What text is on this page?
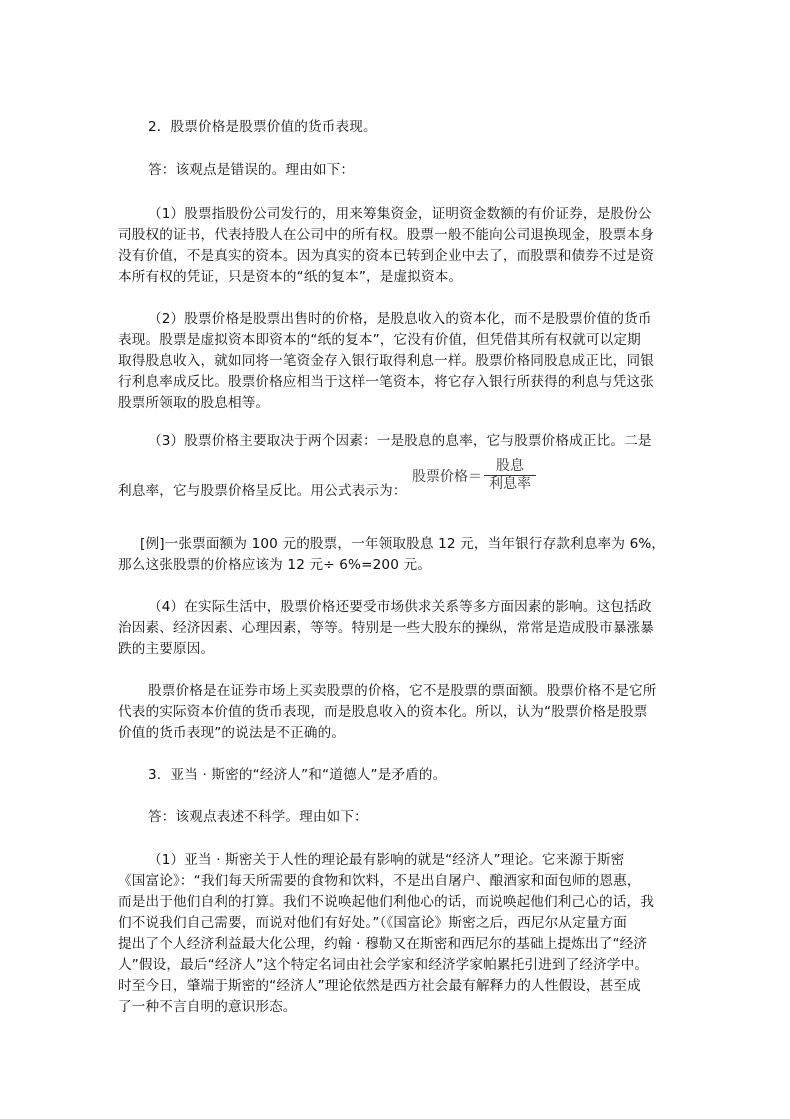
股票价格 ＝ $\frac{\text{股息}}{\text{利息率}}$
2．股票价格是股票价值的货币表现。
答：该观点是错误的。理由如下：
（1）股票指股份公司发行的，用来筹集资金，证明资金数额的有价证券，是股份公
司股权的证书，代表持股人在公司中的所有权。股票一般不能向公司退换现金，股票本身
没有价值，不是真实的资本。因为真实的资本已转到企业中去了，而股票和债券不过是资
本所有权的凭证，只是资本的“纸的复本”，是虚拟资本。
（2）股票价格是股票出售时的价格，是股息收入的资本化，而不是股票价值的货币
表现。股票是虚拟资本即资本的“纸的复本”，它没有价值，但凭借其所有权就可以定期
取得股息收入，就如同将一笔资金存入银行取得利息一样。股票价格同股息成正比，同银
行利息率成反比。股票价格应相当于这样一笔资本，将它存入银行所获得的利息与凭这张
股票所领取的股息相等。
（3）股票价格主要取决于两个因素：一是股息的息率，它与股票价格成正比。二是
利息率，它与股票价格呈反比。用公式表示为：
[例]一张票面额为 100 元的股票，一年领取股息 12 元，当年银行存款利息率为 6%，
那么这张股票的价格应该为 12 元÷ 6%=200 元。
（4）在实际生活中，股票价格还要受市场供求关系等多方面因素的影响。这包括政
治因素、经济因素、心理因素，等等。特别是一些大股东的操纵，常常是造成股市暴涨暴
跌的主要原因。
股票价格是在证券市场上买卖股票的价格，它不是股票的票面额。股票价格不是它所
代表的实际资本价值的货币表现，而是股息收入的资本化。所以，认为“股票价格是股票
价值的货币表现”的说法是不正确的。
3．亚当 · 斯密的“经济人”和“道德人”是矛盾的。
答：该观点表述不科学。理由如下：
（1）亚当 · 斯密关于人性的理论最有影响的就是“经济人”理论。它来源于斯密
《国富论》：“我们每天所需要的食物和饮料，不是出自屠户、酿酒家和面包师的恩惠，
而是出于他们自利的打算。我们不说唤起他们利他心的话，而说唤起他们利己心的话，我
们不说我们自己需要，而说对他们有好处。”（《国富论》斯密之后，西尼尔从定量方面
提出了个人经济利益最大化公理，约翰 · 穆勒又在斯密和西尼尔的基础上提炼出了“经济
人”假设，最后“经济人”这个特定名词由社会学家和经济学家帕累托引进到了经济学中。
时至今日，肇端于斯密的“经济人”理论依然是西方社会最有解释力的人性假设，甚至成
了一种不言自明的意识形态。
